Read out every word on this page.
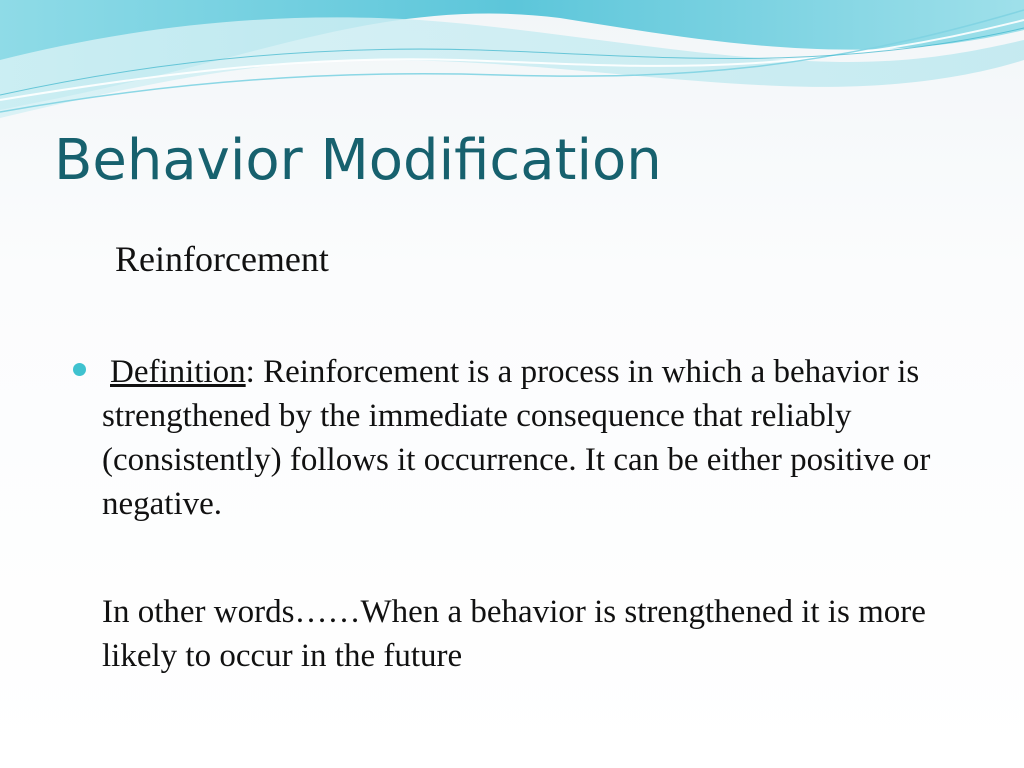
Behavior Modification
Reinforcement
Definition: Reinforcement is a process in which a behavior is strengthened by the immediate consequence that reliably (consistently) follows it occurrence. It can be either positive or negative.
In other words……When a behavior is strengthened it is more likely to occur in the future
